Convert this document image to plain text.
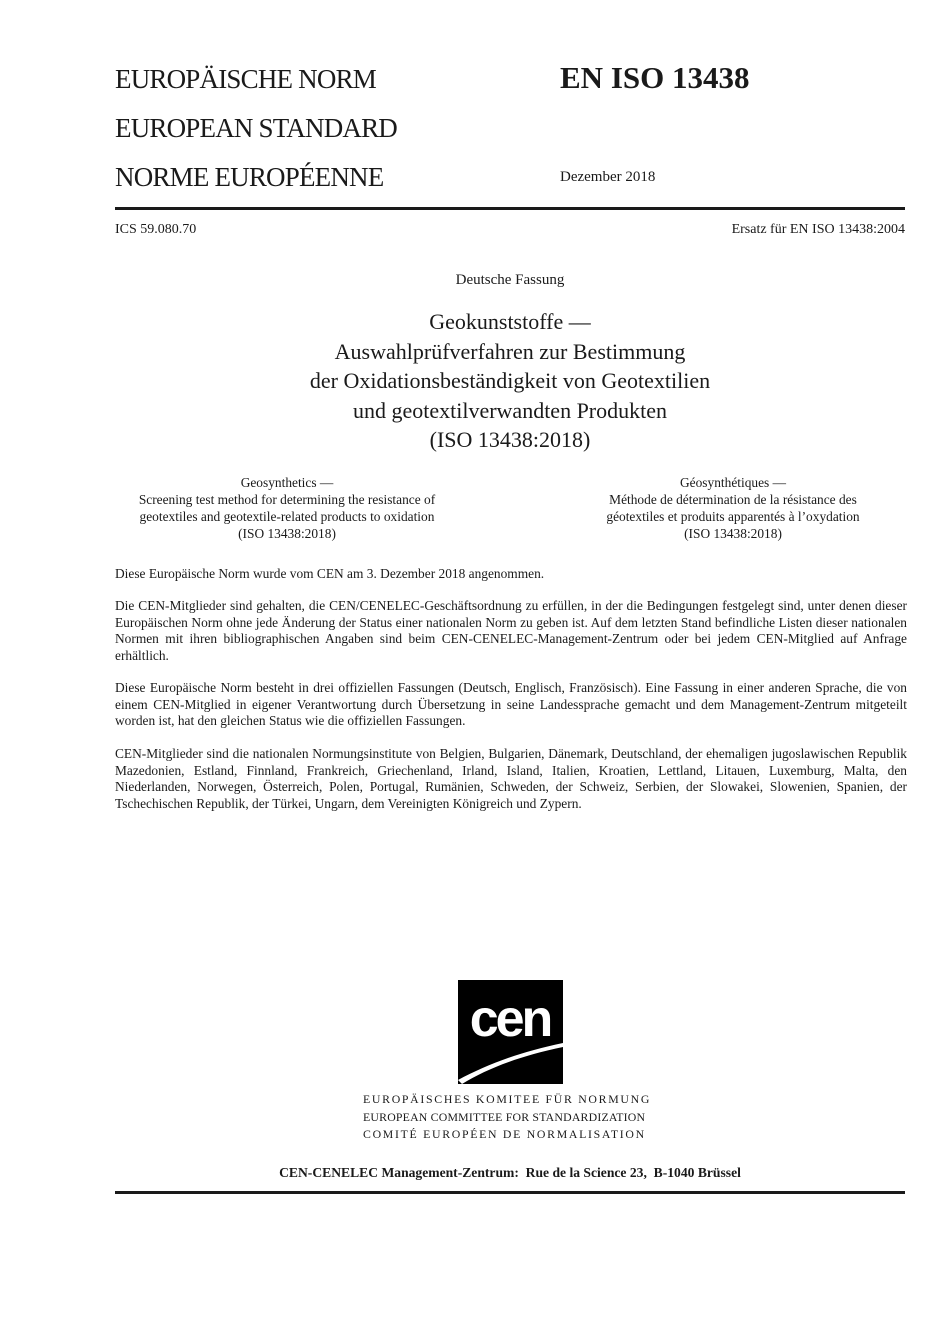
EUROPÄISCHE NORM
EUROPEAN STANDARD
NORME EUROPÉENNE
EN ISO 13438
Dezember 2018
ICS 59.080.70	Ersatz für EN ISO 13438:2004
Deutsche Fassung
Geokunststoffe —
Auswahlprüfverfahren zur Bestimmung
der Oxidationsbeständigkeit von Geotextilien
und geotextilverwandten Produkten
(ISO 13438:2018)
Geosynthetics —
Screening test method for determining the resistance of
geotextiles and geotextile-related products to oxidation
(ISO 13438:2018)
Géosynthétiques —
Méthode de détermination de la résistance des
géotextiles et produits apparentés à l’oxydation
(ISO 13438:2018)
Diese Europäische Norm wurde vom CEN am 3. Dezember 2018 angenommen.
Die CEN-Mitglieder sind gehalten, die CEN/CENELEC-Geschäftsordnung zu erfüllen, in der die Bedingungen festgelegt sind, unter denen dieser Europäischen Norm ohne jede Änderung der Status einer nationalen Norm zu geben ist. Auf dem letzten Stand befindliche Listen dieser nationalen Normen mit ihren bibliographischen Angaben sind beim CEN-CENELEC-Management-Zentrum oder bei jedem CEN-Mitglied auf Anfrage erhältlich.
Diese Europäische Norm besteht in drei offiziellen Fassungen (Deutsch, Englisch, Französisch). Eine Fassung in einer anderen Sprache, die von einem CEN-Mitglied in eigener Verantwortung durch Übersetzung in seine Landessprache gemacht und dem Management-Zentrum mitgeteilt worden ist, hat den gleichen Status wie die offiziellen Fassungen.
CEN-Mitglieder sind die nationalen Normungsinstitute von Belgien, Bulgarien, Dänemark, Deutschland, der ehemaligen jugoslawischen Republik Mazedonien, Estland, Finnland, Frankreich, Griechenland, Irland, Island, Italien, Kroatien, Lettland, Litauen, Luxemburg, Malta, den Niederlanden, Norwegen, Österreich, Polen, Portugal, Rumänien, Schweden, der Schweiz, Serbien, der Slowakei, Slowenien, Spanien, der Tschechischen Republik, der Türkei, Ungarn, dem Vereinigten Königreich und Zypern.
cen
EUROPÄISCHES KOMITEE FÜR NORMUNG
EUROPEAN COMMITTEE FOR STANDARDIZATION
COMITÉ EUROPÉEN DE NORMALISATION
CEN-CENELEC Management-Zentrum:  Rue de la Science 23,  B-1040 Brüssel
